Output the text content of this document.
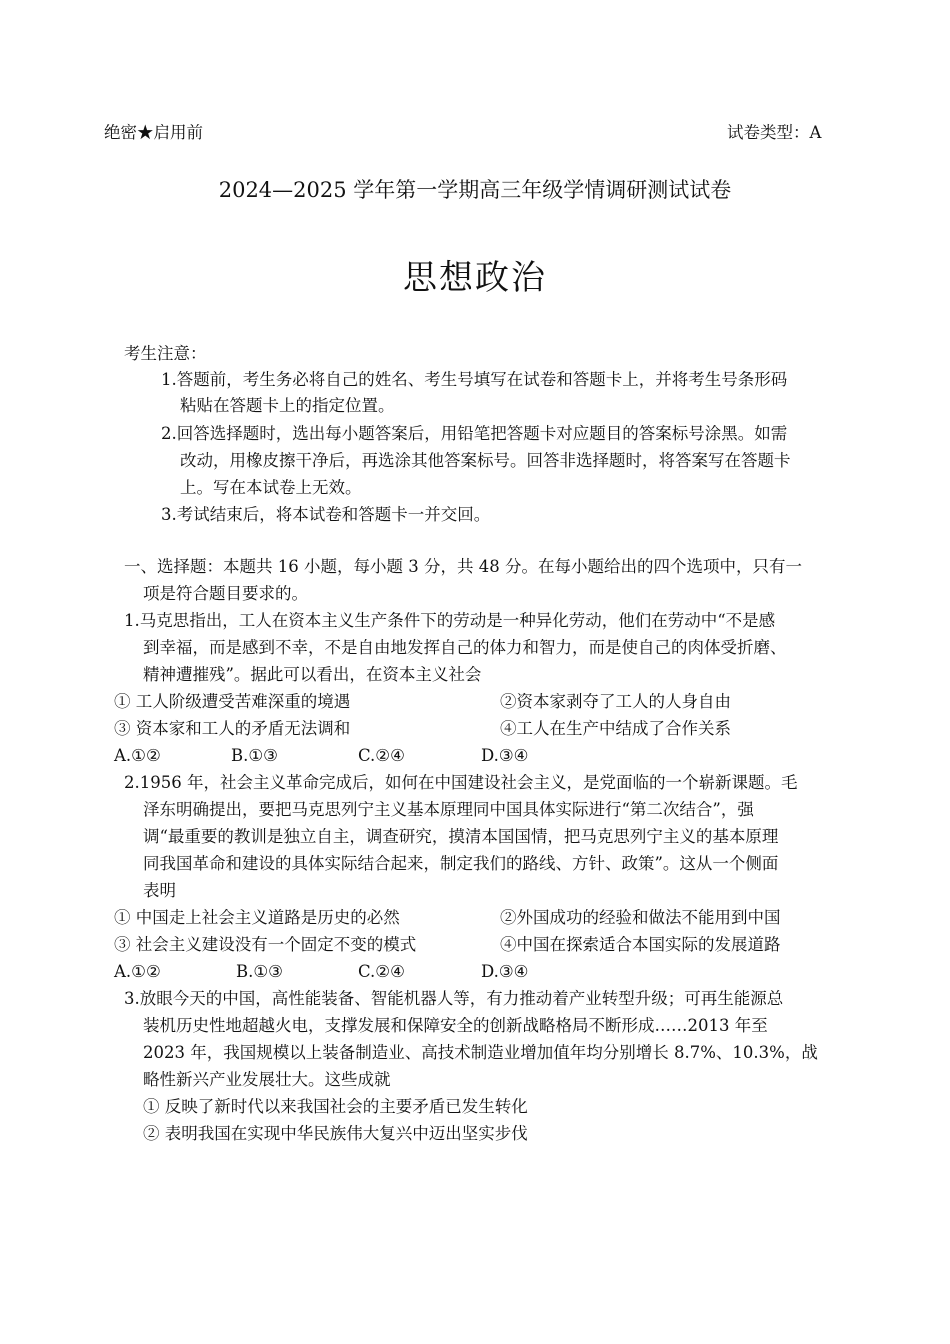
绝密★启用前	试卷类型：A
2024—2025 学年第一学期高三年级学情调研测试试卷
思想政治
考生注意：
1.答题前，考生务必将自己的姓名、考生号填写在试卷和答题卡上，并将考生号条形码
粘贴在答题卡上的指定位置。
2.回答选择题时，选出每小题答案后，用铅笔把答题卡对应题目的答案标号涂黑。如需
改动，用橡皮擦干净后，再选涂其他答案标号。回答非选择题时，将答案写在答题卡
上。写在本试卷上无效。
3.考试结束后，将本试卷和答题卡一并交回。
一、选择题：本题共 16 小题，每小题 3 分，共 48 分。在每小题给出的四个选项中，只有一
项是符合题目要求的。
1.马克思指出，工人在资本主义生产条件下的劳动是一种异化劳动，他们在劳动中“不是感
到幸福，而是感到不幸，不是自由地发挥自己的体力和智力，而是使自己的肉体受折磨、
精神遭摧残”。据此可以看出，在资本主义社会
① 工人阶级遭受苦难深重的境遇	②资本家剥夺了工人的人身自由
③ 资本家和工人的矛盾无法调和	④工人在生产中结成了合作关系
A.①②	B.①③	C.②④	D.③④
2.1956 年，社会主义革命完成后，如何在中国建设社会主义，是党面临的一个崭新课题。毛
泽东明确提出，要把马克思列宁主义基本原理同中国具体实际进行“第二次结合”，强
调“最重要的教训是独立自主，调查研究，摸清本国国情，把马克思列宁主义的基本原理
同我国革命和建设的具体实际结合起来，制定我们的路线、方针、政策”。这从一个侧面
表明
① 中国走上社会主义道路是历史的必然	②外国成功的经验和做法不能用到中国
③ 社会主义建设没有一个固定不变的模式	④中国在探索适合本国实际的发展道路
A.①②	B.①③	C.②④	D.③④
3.放眼今天的中国，高性能装备、智能机器人等，有力推动着产业转型升级；可再生能源总
装机历史性地超越火电，支撑发展和保障安全的创新战略格局不断形成……2013 年至
2023 年，我国规模以上装备制造业、高技术制造业增加值年均分别增长 8.7%、10.3%，战
略性新兴产业发展壮大。这些成就
① 反映了新时代以来我国社会的主要矛盾已发生转化
② 表明我国在实现中华民族伟大复兴中迈出坚实步伐
